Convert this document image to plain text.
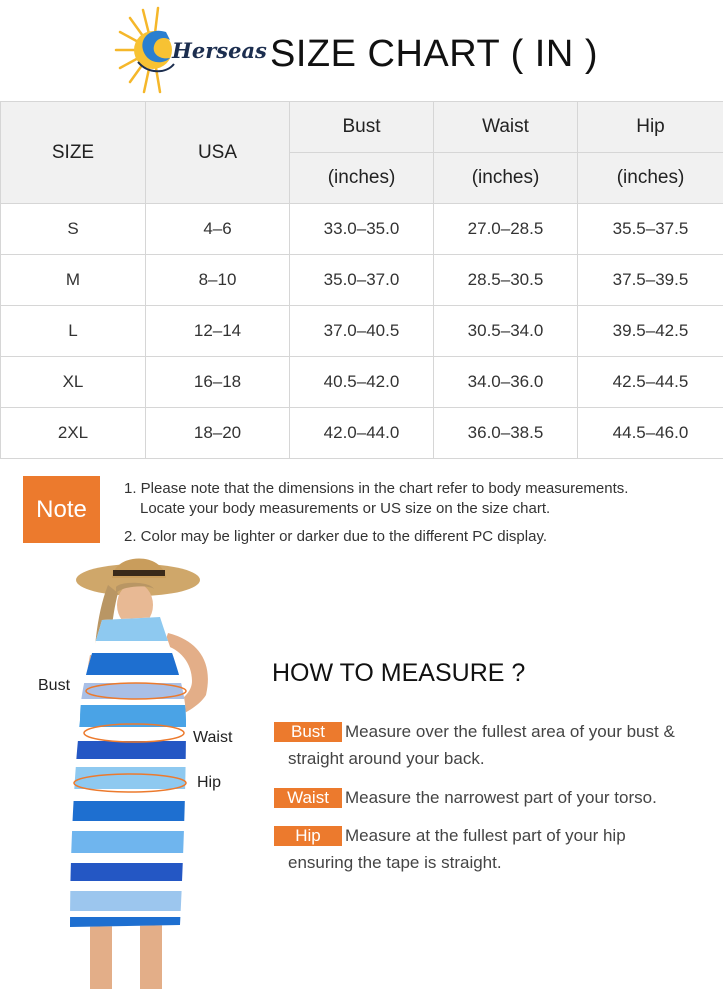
Herseas SIZE CHART ( IN )
SIZE	USA	Bust	Waist	Hip
		(inches)	(inches)	(inches)
S	4–6	33.0–35.0	27.0–28.5	35.5–37.5
M	8–10	35.0–37.0	28.5–30.5	37.5–39.5
L	12–14	37.0–40.5	30.5–34.0	39.5–42.5
XL	16–18	40.5–42.0	34.0–36.0	42.5–44.5
2XL	18–20	42.0–44.0	36.0–38.5	44.5–46.0
Note
1. Please note that the dimensions in the chart refer to body measurements.
Locate your body measurements or US size on the size chart.
2. Color may be lighter or darker due to the different PC display.
Bust
Waist
Hip
HOW TO MEASURE ?
Bust Measure over the fullest area of your bust &
straight around your back.
Waist Measure the narrowest part of your torso.
Hip Measure at the fullest part of your hip
ensuring the tape is straight.
